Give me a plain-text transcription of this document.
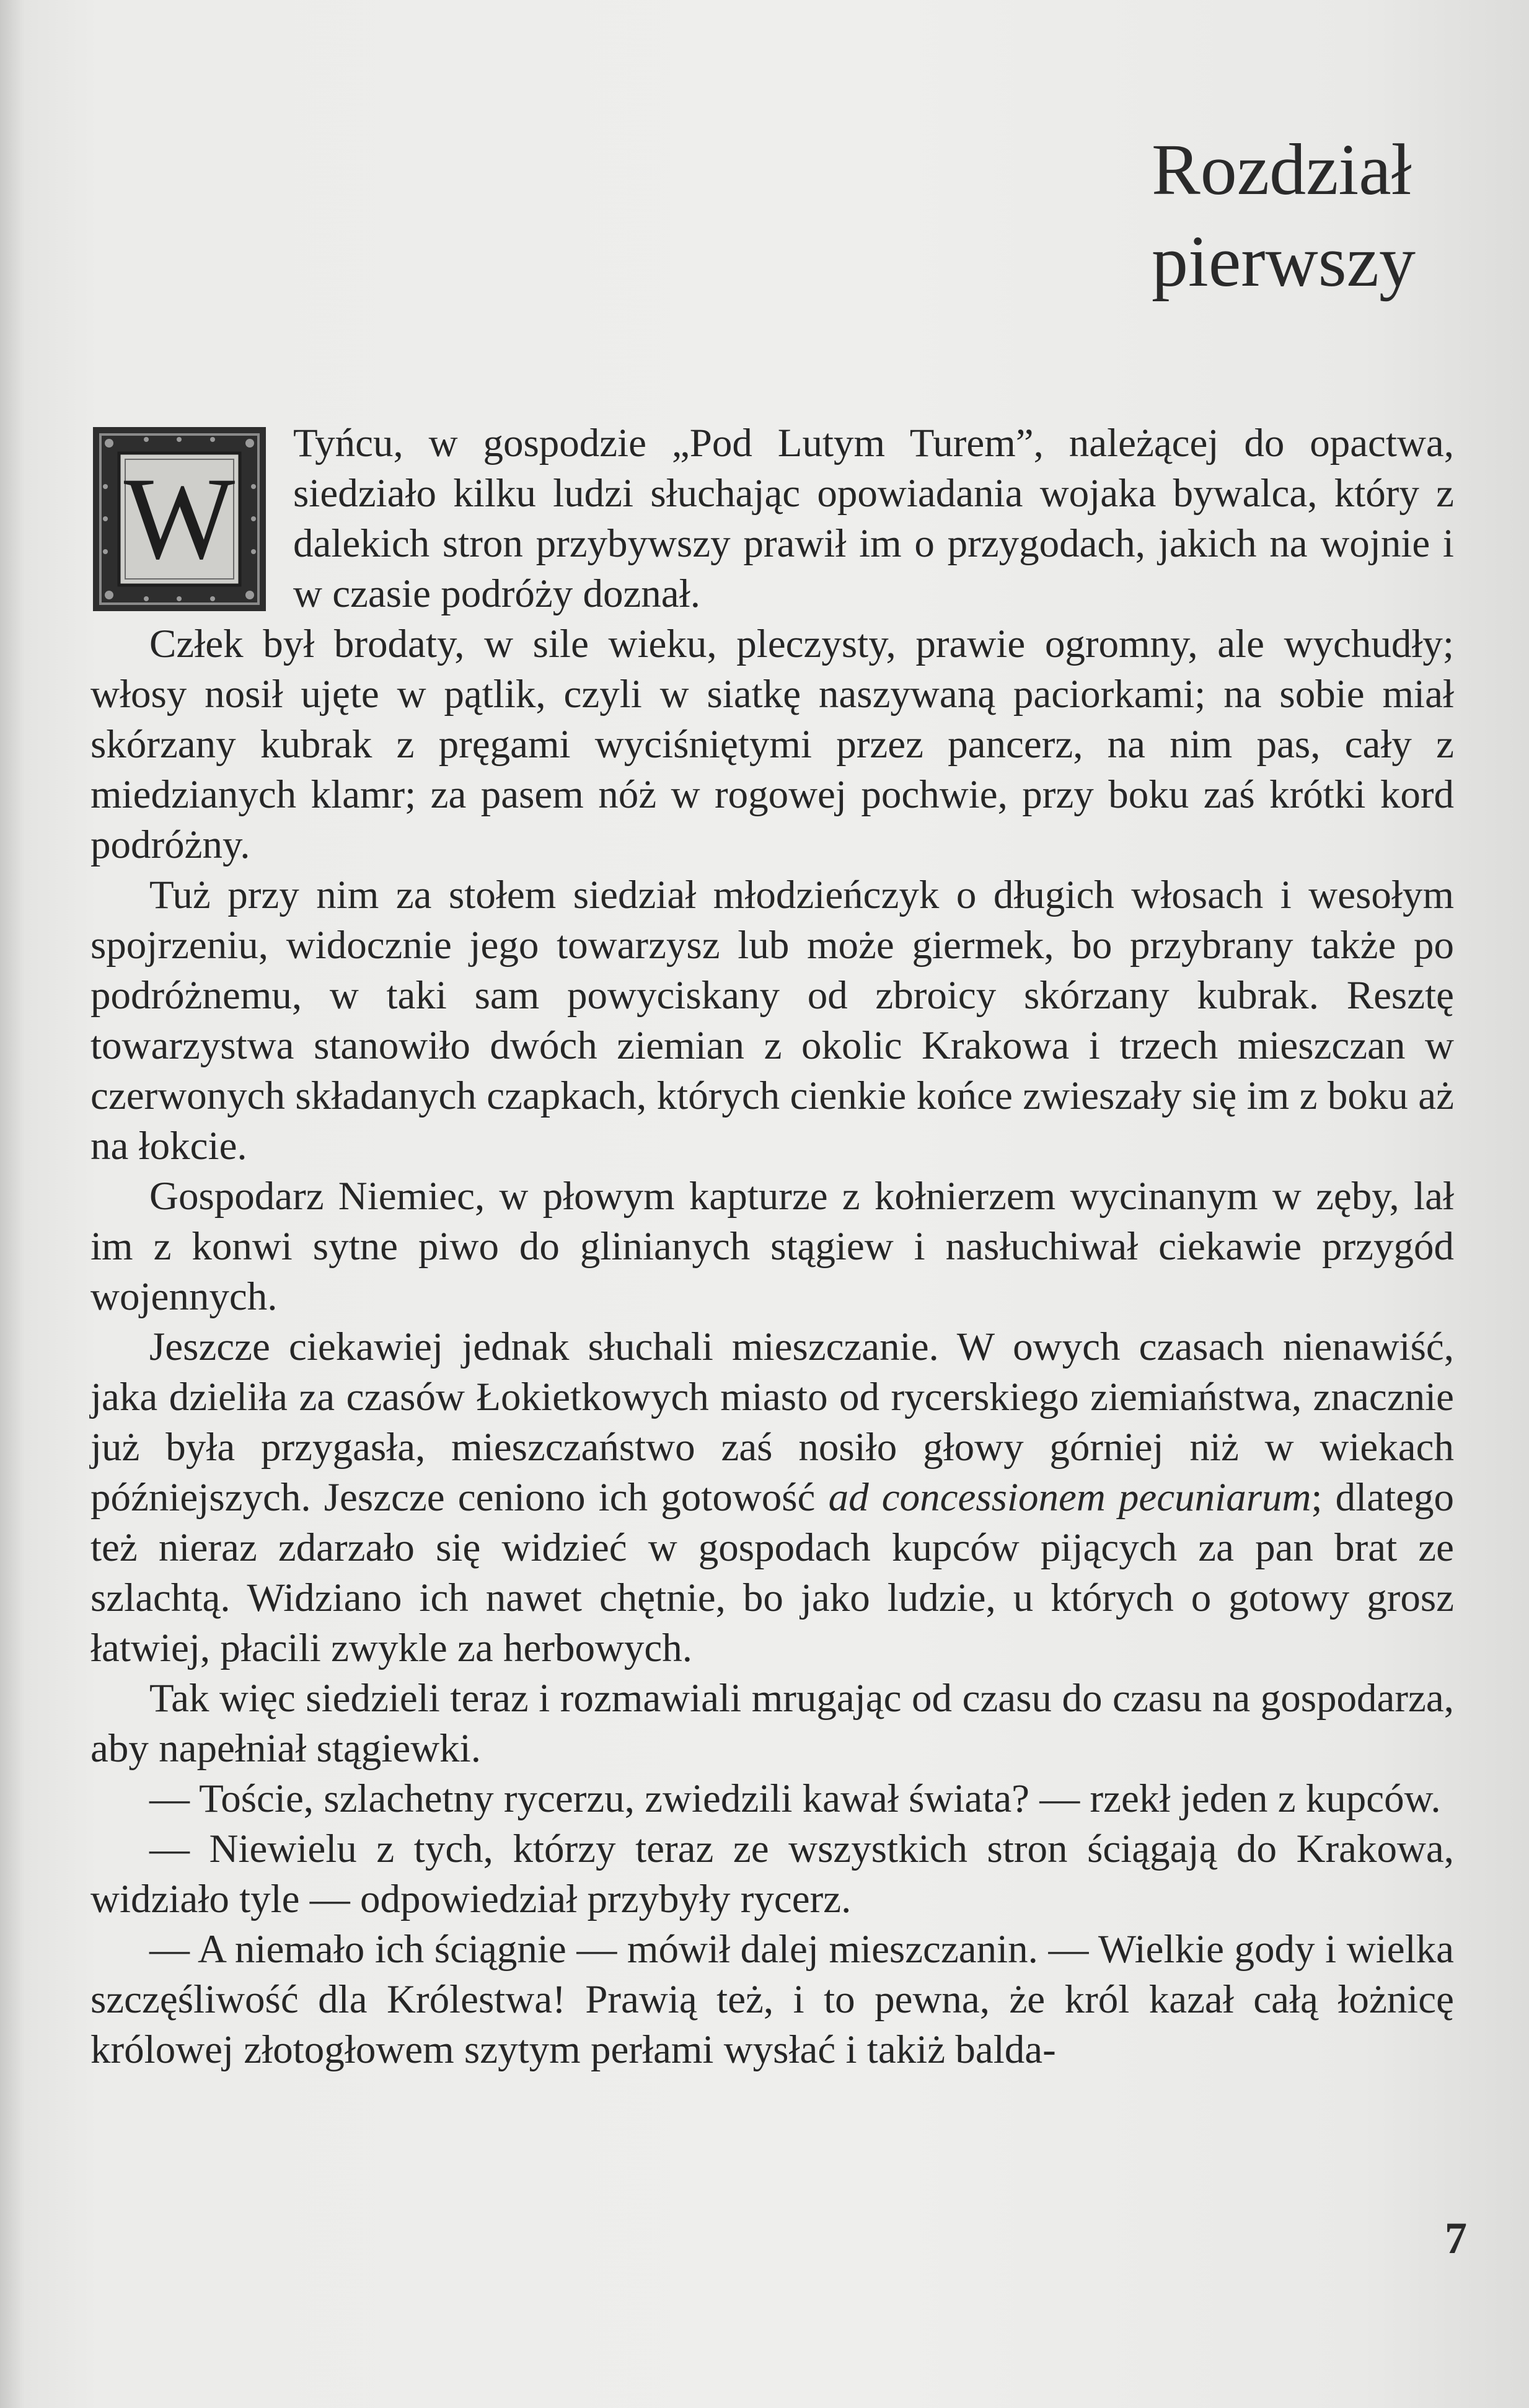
Rozdział
pierwszy
W

Tyńcu, w gospodzie „Pod Lutym Turem”, należącej do opactwa, siedziało kilku ludzi słuchając opowiadania wojaka bywalca, który z dalekich stron przybywszy prawił im o przygodach, jakich na wojnie i w czasie podróży doznał.

Człek był brodaty, w sile wieku, pleczysty, prawie ogromny, ale wychudły; włosy nosił ujęte w pątlik, czyli w siatkę naszywaną paciorkami; na sobie miał skórzany kubrak z pręgami wyciśniętymi przez pancerz, na nim pas, cały z miedzianych klamr; za pasem nóż w rogowej pochwie, przy boku zaś krótki kord podróżny.

Tuż przy nim za stołem siedział młodzieńczyk o długich włosach i wesołym spojrzeniu, widocznie jego towarzysz lub może giermek, bo przybrany także po podróżnemu, w taki sam powyciskany od zbroicy skórzany kubrak. Resztę towarzystwa stanowiło dwóch ziemian z okolic Krakowa i trzech mieszczan w czerwonych składanych czapkach, których cienkie końce zwieszały się im z boku aż na łokcie.

Gospodarz Niemiec, w płowym kapturze z kołnierzem wycinanym w zęby, lał im z konwi sytne piwo do glinianych stągiew i nasłuchiwał ciekawie przygód wojennych.

Jeszcze ciekawiej jednak słuchali mieszczanie. W owych czasach nienawiść, jaka dzieliła za czasów Łokietkowych miasto od rycerskiego ziemiaństwa, znacznie już była przygasła, mieszczaństwo zaś nosiło głowy górniej niż w wiekach późniejszych. Jeszcze ceniono ich gotowość ad concessionem pecuniarum; dlatego też nieraz zdarzało się widzieć w gospodach kupców pijących za pan brat ze szlachtą. Widziano ich nawet chętnie, bo jako ludzie, u których o gotowy grosz łatwiej, płacili zwykle za herbowych.

Tak więc siedzieli teraz i rozmawiali mrugając od czasu do czasu na gospodarza, aby napełniał stągiewki.

— Toście, szlachetny rycerzu, zwiedzili kawał świata? — rzekł jeden z kupców.

— Niewielu z tych, którzy teraz ze wszystkich stron ściągają do Krakowa, widziało tyle — odpowiedział przybyły rycerz.

— A niemało ich ściągnie — mówił dalej mieszczanin. — Wielkie gody i wielka szczęśliwość dla Królestwa! Prawią też, i to pewna, że król kazał całą łożnicę królowej złotogłowem szytym perłami wysłać i takiż balda-

7
